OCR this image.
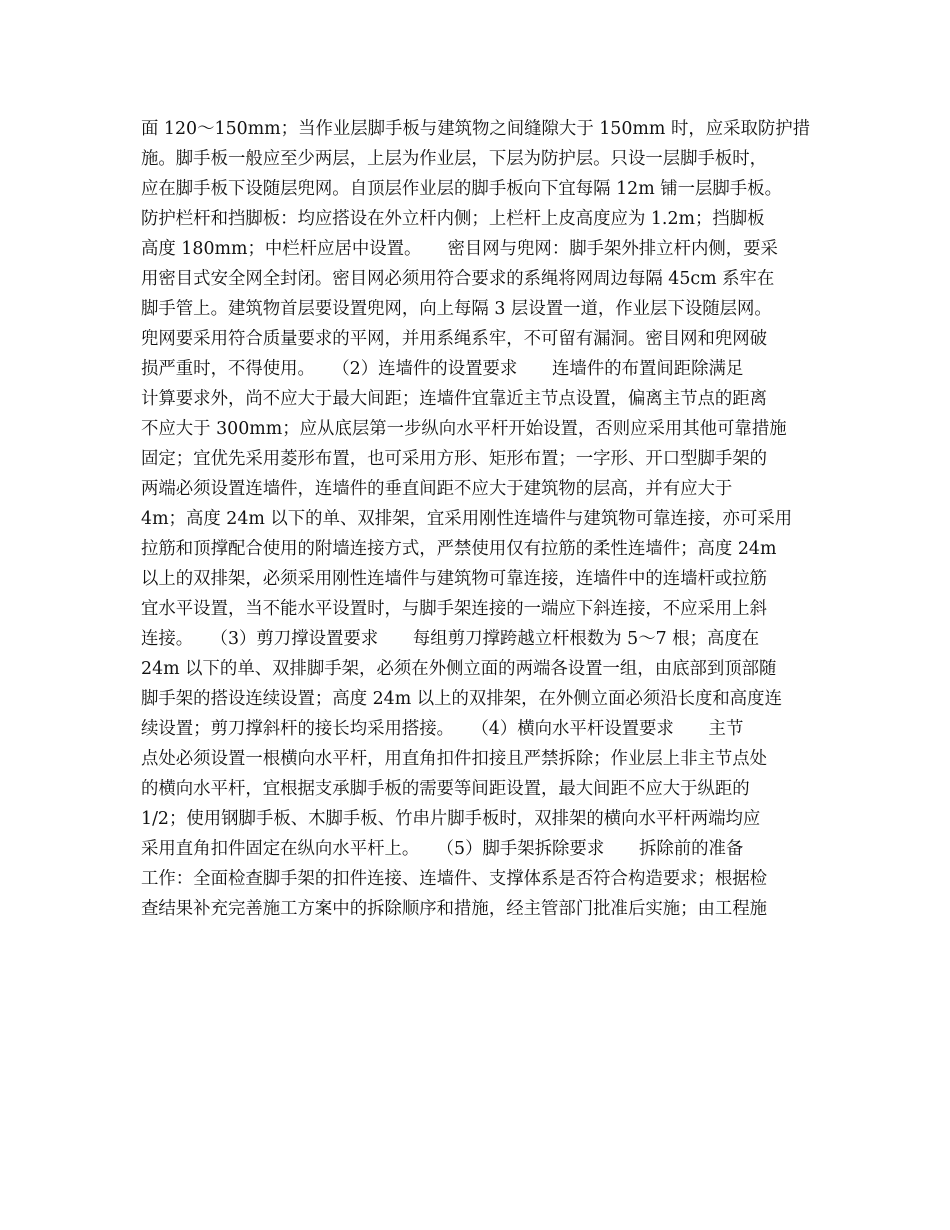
面 120～150mm；当作业层脚手板与建筑物之间缝隙大于 150mm 时，应采取防护措
施。脚手板一般应至少两层，上层为作业层，下层为防护层。只设一层脚手板时，
应在脚手板下设随层兜网。自顶层作业层的脚手板向下宜每隔 12m 铺一层脚手板。
防护栏杆和挡脚板：均应搭设在外立杆内侧；上栏杆上皮高度应为 1.2m；挡脚板
高度 180mm；中栏杆应居中设置。　　密目网与兜网：脚手架外排立杆内侧，要采
用密目式安全网全封闭。密目网必须用符合要求的系绳将网周边每隔 45cm 系牢在
脚手管上。建筑物首层要设置兜网，向上每隔 3 层设置一道，作业层下设随层网。
兜网要采用符合质量要求的平网，并用系绳系牢，不可留有漏洞。密目网和兜网破
损严重时，不得使用。　　（2）连墙件的设置要求　　连墙件的布置间距除满足
计算要求外，尚不应大于最大间距；连墙件宜靠近主节点设置，偏离主节点的距离
不应大于 300mm；应从底层第一步纵向水平杆开始设置，否则应采用其他可靠措施
固定；宜优先采用菱形布置，也可采用方形、矩形布置；一字形、开口型脚手架的
两端必须设置连墙件，连墙件的垂直间距不应大于建筑物的层高，并有应大于
4m；高度 24m 以下的单、双排架，宜采用刚性连墙件与建筑物可靠连接，亦可采用
拉筋和顶撑配合使用的附墙连接方式，严禁使用仅有拉筋的柔性连墙件；高度 24m
以上的双排架，必须采用刚性连墙件与建筑物可靠连接，连墙件中的连墙杆或拉筋
宜水平设置，当不能水平设置时，与脚手架连接的一端应下斜连接，不应采用上斜
连接。　　（3）剪刀撑设置要求　　每组剪刀撑跨越立杆根数为 5～7 根；高度在
24m 以下的单、双排脚手架，必须在外侧立面的两端各设置一组，由底部到顶部随
脚手架的搭设连续设置；高度 24m 以上的双排架，在外侧立面必须沿长度和高度连
续设置；剪刀撑斜杆的接长均采用搭接。　　（4）横向水平杆设置要求　　主节
点处必须设置一根横向水平杆，用直角扣件扣接且严禁拆除；作业层上非主节点处
的横向水平杆，宜根据支承脚手板的需要等间距设置，最大间距不应大于纵距的
1/2；使用钢脚手板、木脚手板、竹串片脚手板时，双排架的横向水平杆两端均应
采用直角扣件固定在纵向水平杆上。　　（5）脚手架拆除要求　　拆除前的准备
工作：全面检查脚手架的扣件连接、连墙件、支撑体系是否符合构造要求；根据检
查结果补充完善施工方案中的拆除顺序和措施，经主管部门批准后实施；由工程施
